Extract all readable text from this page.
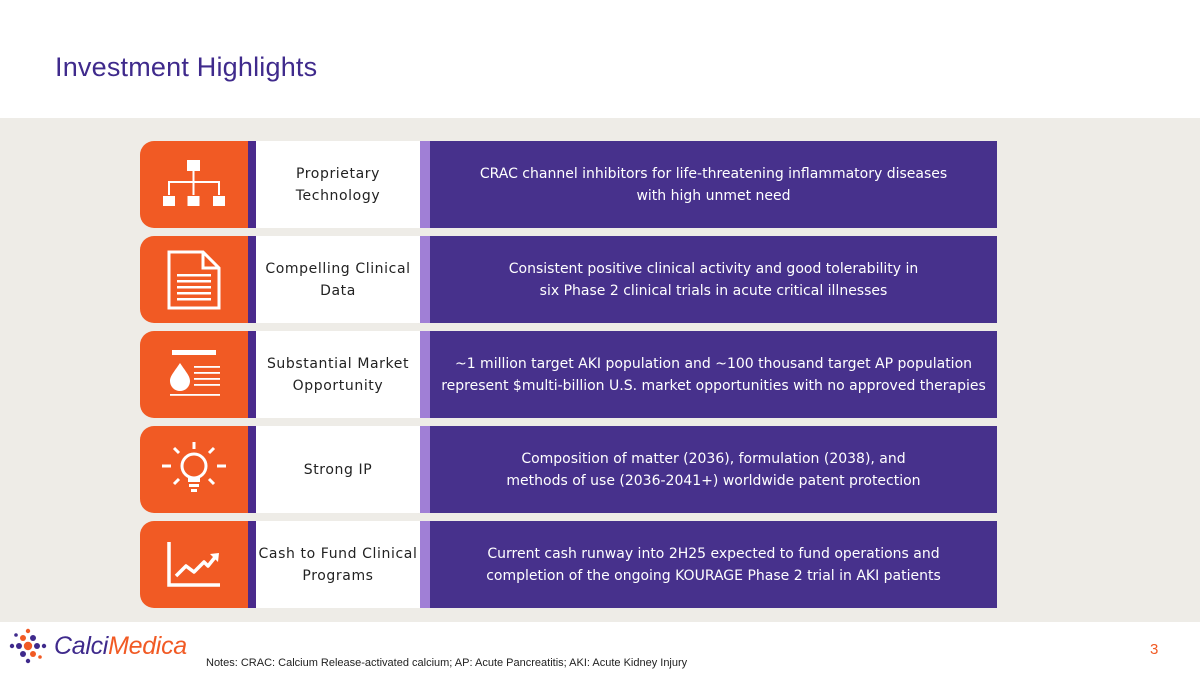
Investment Highlights
Proprietary
Technology
CRAC channel inhibitors for life-threatening inflammatory diseases
with high unmet need
Compelling Clinical
Data
Consistent positive clinical activity and good tolerability in
six Phase 2 clinical trials in acute critical illnesses
Substantial Market
Opportunity
~1 million target AKI population and ~100 thousand target AP population
represent $multi-billion U.S. market opportunities with no approved therapies
Strong IP
Composition of matter (2036), formulation (2038), and
methods of use (2036-2041+) worldwide patent protection
Cash to Fund Clinical
Programs
Current cash runway into 2H25 expected to fund operations and
completion of the ongoing KOURAGE Phase 2 trial in AKI patients
CalciMedica
Notes: CRAC: Calcium Release-activated calcium; AP: Acute Pancreatitis; AKI: Acute Kidney Injury
3
